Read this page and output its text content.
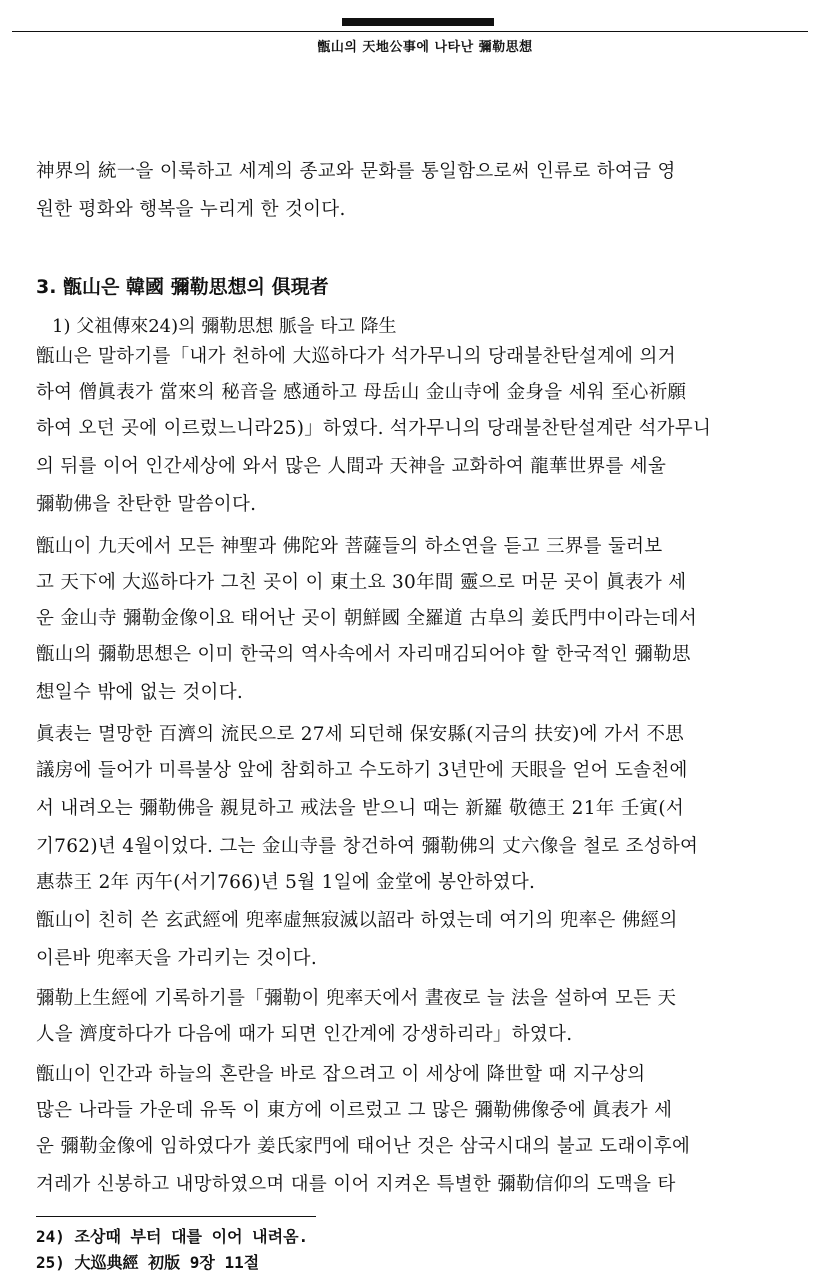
甑山의 天地公事에 나타난 彌勒思想
神界의 統一을 이룩하고 세계의 종교와 문화를 통일함으로써 인류로 하여금 영
원한 평화와 행복을 누리게 한 것이다.
3. 甑山은 韓國 彌勒思想의 俱現者
1) 父祖傳來24)의 彌勒思想 脈을 타고 降生
甑山은 말하기를「내가 천하에 大巡하다가 석가무니의 당래불찬탄설계에 의거
하여 僧眞表가 當來의 秘音을 感通하고 母岳山 金山寺에 金身을 세워 至心祈願
하여 오던 곳에 이르렀느니라25)」하였다. 석가무니의 당래불찬탄설계란 석가무니
의 뒤를 이어 인간세상에 와서 많은 人間과 天神을 교화하여 龍華世界를 세울
彌勒佛을 찬탄한 말씀이다.
甑山이 九天에서 모든 神聖과 佛陀와 菩薩들의 하소연을 듣고 三界를 둘러보
고 天下에 大巡하다가 그친 곳이 이 東土요 30年間 靈으로 머문 곳이 眞表가 세
운 金山寺 彌勒金像이요 태어난 곳이 朝鮮國 全羅道 古阜의 姜氏門中이라는데서
甑山의 彌勒思想은 이미 한국의 역사속에서 자리매김되어야 할 한국적인 彌勒思
想일수 밖에 없는 것이다.
眞表는 멸망한 百濟의 流民으로 27세 되던해 保安縣(지금의 扶安)에 가서 不思
議房에 들어가 미륵불상 앞에 참회하고 수도하기 3년만에 天眼을 얻어 도솔천에
서 내려오는 彌勒佛을 親見하고 戒法을 받으니 때는 新羅 敬德王 21年 壬寅(서
기762)년 4월이었다. 그는 金山寺를 창건하여 彌勒佛의 丈六像을 철로 조성하여
惠恭王 2年 丙午(서기766)년 5월 1일에 金堂에 봉안하였다.
甑山이 친히 쓴 玄武經에 兜率虛無寂滅以詔라 하였는데 여기의 兜率은 佛經의
이른바 兜率天을 가리키는 것이다.
彌勒上生經에 기록하기를「彌勒이 兜率天에서 晝夜로 늘 法을 설하여 모든 天
人을 濟度하다가 다음에 때가 되면 인간계에 강생하리라」하였다.
甑山이 인간과 하늘의 혼란을 바로 잡으려고 이 세상에 降世할 때 지구상의
많은 나라들 가운데 유독 이 東方에 이르렀고 그 많은 彌勒佛像중에 眞表가 세
운 彌勒金像에 임하였다가 姜氏家門에 태어난 것은 삼국시대의 불교 도래이후에
겨레가 신봉하고 내망하였으며 대를 이어 지켜온 특별한 彌勒信仰의 도맥을 타
24) 조상때 부터 대를 이어 내려옴.
25) 大巡典經 初版 9장 11절
